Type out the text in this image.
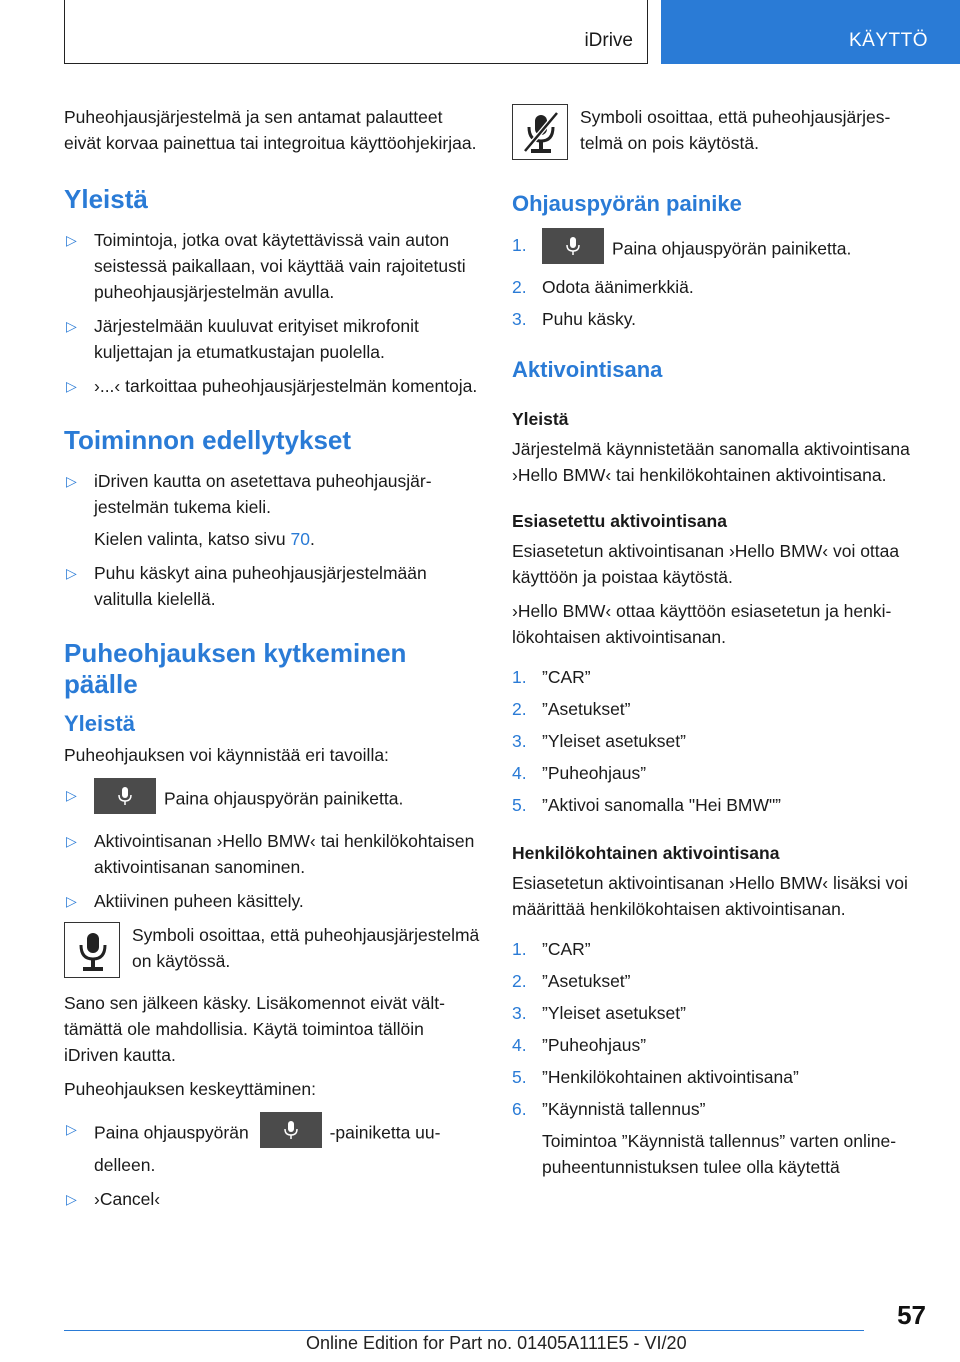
iDrive	KÄYTTÖ

Puheohjausjärjestelmä ja sen antamat palautteet eivät korvaa painettua tai integroitua käyttöohjekirjaa.

Yleistä
▷ Toimintoja, jotka ovat käytettävissä vain auton seistessä paikallaan, voi käyttää vain rajoitetusti puheohjausjärjestelmän avulla.
▷ Järjestelmään kuuluvat erityiset mikrofonit kuljettajan ja etumatkustajan puolella.
▷ ›...‹ tarkoittaa puheohjausjärjestelmän komentoja.
Toiminnon edellytykset
▷ iDriven kautta on asetettava puheohjausjärjestelmän tukema kieli.
Kielen valinta, katso sivu 70.
▷ Puhu käskyt aina puheohjausjärjestelmään valitulla kielellä.
Puheohjauksen kytkeminen päälle
Yleistä

Puheohjauksen voi käynnistää eri tavoilla:

▷	Paina ohjauspyörän painiketta.
▷ Aktivointisanan ›Hello BMW‹ tai henkilökohtaisen aktivointisanan sanominen.
▷ Aktiivinen puheen käsittely.

Symboli osoittaa, että puheohjausjärjestelmä on käytössä.

Sano sen jälkeen käsky. Lisäkomennot eivät välttämättä ole mahdollisia. Käytä toimintoa tällöin iDriven kautta.

Puheohjauksen keskeyttäminen:

▷ Paina ohjauspyörän	-painiketta uudelleen.
▷ ›Cancel‹

Symboli osoittaa, että puheohjausjärjestelmä on pois käytöstä.

Ohjauspyörän painike
1.	Paina ohjauspyörän painiketta.
2. Odota äänimerkkiä.
3. Puhu käsky.
Aktivointisana
Yleistä

Järjestelmä käynnistetään sanomalla aktivointisana ›Hello BMW‹ tai henkilökohtainen aktivointisana.

Esiasetettu aktivointisana

Esiasetetun aktivointisanan ›Hello BMW‹ voi ottaa käyttöön ja poistaa käytöstä.

›Hello BMW‹ ottaa käyttöön esiasetetun ja henkilökohtaisen aktivointisanan.

1. ”CAR”
2. ”Asetukset”
3. ”Yleiset asetukset”
4. ”Puheohjaus”
5. ”Aktivoi sanomalla "Hei BMW"”
Henkilökohtainen aktivointisana

Esiasetetun aktivointisanan ›Hello BMW‹ lisäksi voi määrittää henkilökohtaisen aktivointisanan.

1. ”CAR”
2. ”Asetukset”
3. ”Yleiset asetukset”
4. ”Puheohjaus”
5. ”Henkilökohtainen aktivointisana”
6. ”Käynnistä tallennus”
Toimintoa ”Käynnistä tallennus” varten online-puheentunnistuksen tulee olla käytettä
57
Online Edition for Part no. 01405A111E5 - VI/20
